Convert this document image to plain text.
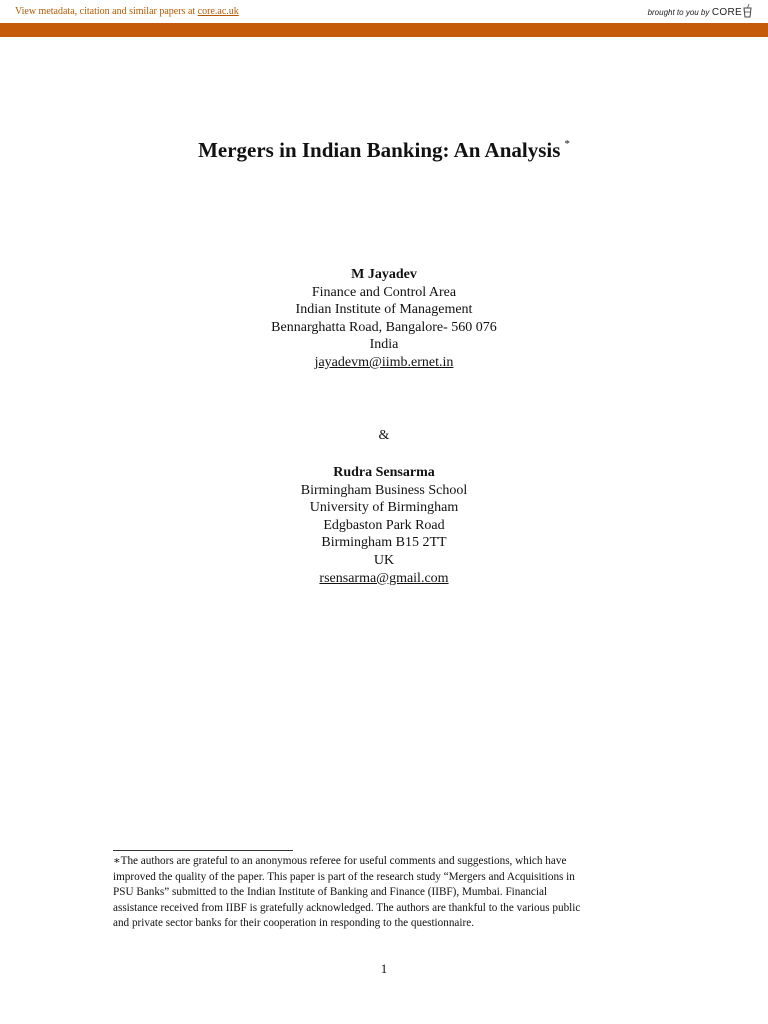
View metadata, citation and similar papers at core.ac.uk	brought to you by CORE
Mergers in Indian Banking: An Analysis *
M Jayadev
Finance and Control Area
Indian Institute of Management
Bennarghatta Road, Bangalore- 560 076
India
jayadevm@iimb.ernet.in
&
Rudra Sensarma
Birmingham Business School
University of Birmingham
Edgbaston Park Road
Birmingham B15 2TT
UK
rsensarma@gmail.com
∗The authors are grateful to an anonymous referee for useful comments and suggestions, which have
improved the quality of the paper. This paper is part of the research study “Mergers and Acquisitions in
PSU Banks” submitted to the Indian Institute of Banking and Finance (IIBF), Mumbai. Financial
assistance received from IIBF is gratefully acknowledged. The authors are thankful to the various public
and private sector banks for their cooperation in responding to the questionnaire.
1
